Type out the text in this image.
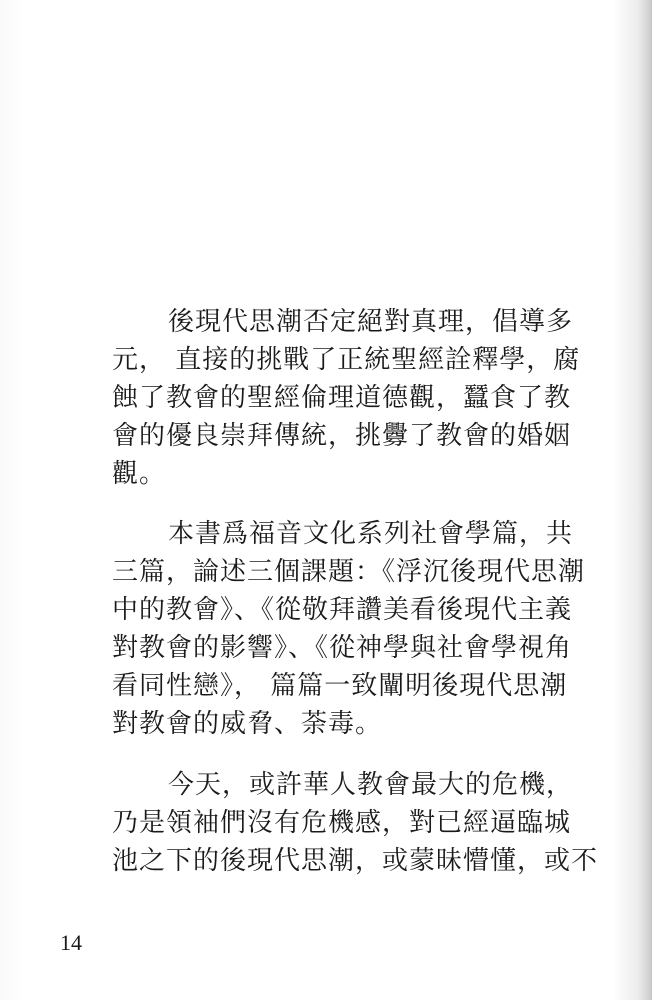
後現代思潮否定絕對真理，倡導多
元， 直接的挑戰了正統聖經詮釋學，腐
蝕了教會的聖經倫理道德觀，蠶食了教
會的優良崇拜傳統，挑釁了教會的婚姻
觀。
本書爲福音文化系列社會學篇，共
三篇，論述三個課題：《浮沉後現代思潮
中的教會》、《從敬拜讚美看後現代主義
對教會的影響》、《從神學與社會學視角
看同性戀》， 篇篇一致闡明後現代思潮
對教會的威脅、荼毒。
今天，或許華人教會最大的危機，
乃是領袖們沒有危機感，對已經逼臨城
池之下的後現代思潮，或蒙昧懵懂，或不
14
